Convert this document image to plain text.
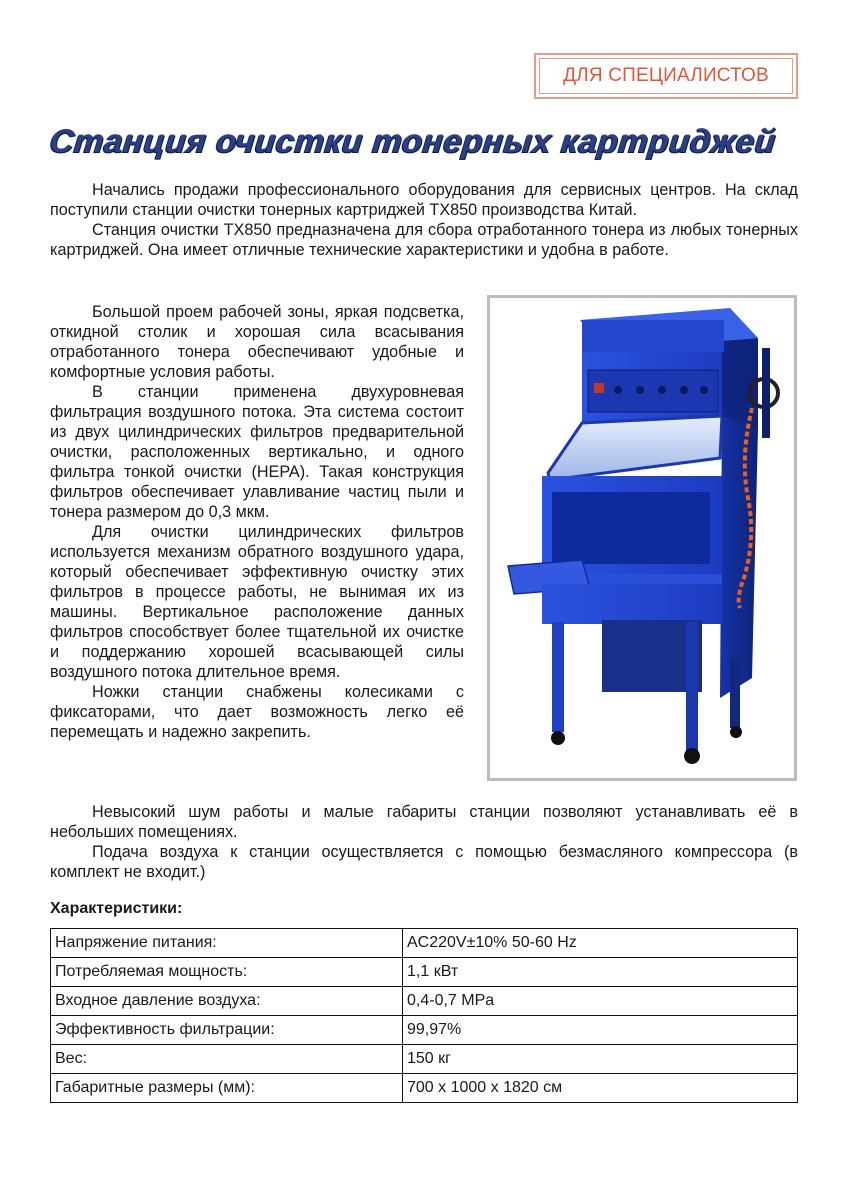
ДЛЯ СПЕЦИАЛИСТОВ
Станция очистки тонерных картриджей

Начались продажи профессионального оборудования для сервисных центров. На склад поступили станции очистки тонерных картриджей TX850 производства Китай.

Станция очистки TX850 предназначена для сбора отработанного тонера из любых тонерных картриджей. Она имеет отличные технические характеристики и удобна в работе.

Большой проем рабочей зоны, яркая подсветка, откидной столик и хорошая сила всасывания отработанного тонера обеспечивают удобные и комфортные условия работы.

В станции применена двухуровневая фильтрация воздушного потока. Эта система состоит из двух цилиндрических фильтров предварительной очистки, расположенных вертикально, и одного фильтра тонкой очистки (HEPA). Такая конструкция фильтров обеспечивает улавливание частиц пыли и тонера размером до 0,3 мкм.

Для очистки цилиндрических фильтров используется механизм обратного воздушного удара, который обеспечивает эффективную очистку этих фильтров в процессе работы, не вынимая их из машины. Вертикальное расположение данных фильтров способствует более тщательной их очистке и поддержанию хорошей всасывающей силы воздушного потока длительное время.

Ножки станции снабжены колесиками с фиксаторами, что дает возможность легко её перемещать и надежно закрепить.

Невысокий шум работы и малые габариты станции позволяют устанавливать её в небольших помещениях.

Подача воздуха к станции осуществляется с помощью безмасляного компрессора (в комплект не входит.)

Характеристики:
Напряжение питания:	AC220V±10% 50-60 Hz
Потребляемая мощность:	1,1 кВт
Входное давление воздуха:	0,4-0,7 MPa
Эффективность фильтрации:	99,97%
Вес:	150 кг
Габаритные размеры (мм):	700 x 1000 x 1820 см
